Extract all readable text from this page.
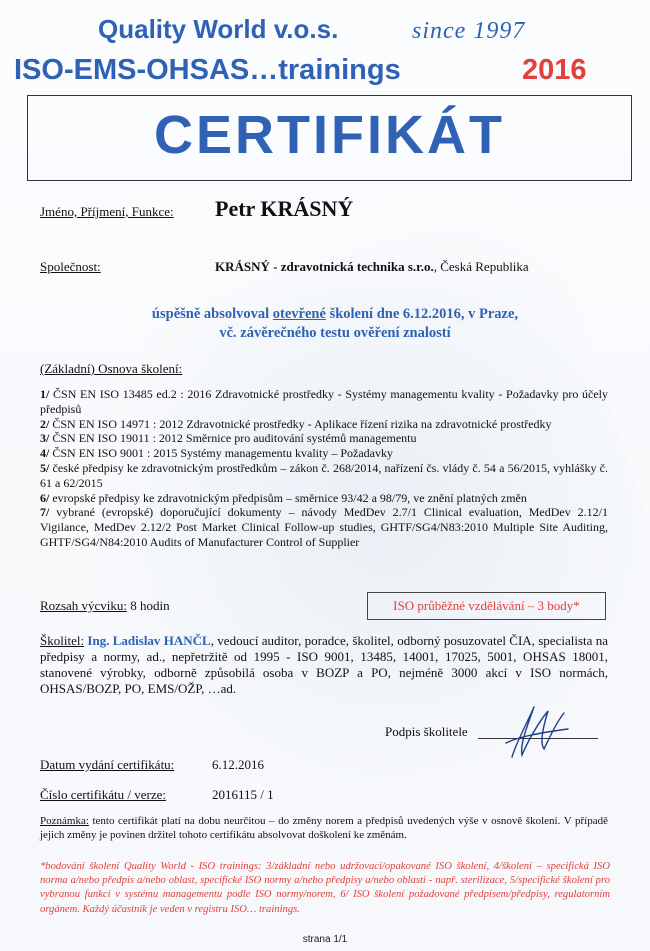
Quality World v.o.s.	since 1997
ISO-EMS-OHSAS…trainings	2016
CERTIFIKÁT
Jméno, Příjmení, Funkce: Petr KRÁSNÝ
Společnost:	KRÁSNÝ - zdravotnická technika s.r.o., Česká Republika
úspěšně absolvoval otevřené školení dne 6.12.2016, v Praze,
vč. závěrečného testu ověření znalostí
(Základní) Osnova školení:
1/ ČSN EN ISO 13485 ed.2 : 2016 Zdravotnické prostředky - Systémy managementu kvality - Požadavky pro účely předpisů
2/ ČSN EN ISO 14971 : 2012 Zdravotnické prostředky - Aplikace řízení rizika na zdravotnické prostředky
3/ ČSN EN ISO 19011 : 2012 Směrnice pro auditování systémů managementu
4/ ČSN EN ISO 9001 : 2015 Systémy managementu kvality – Požadavky
5/ české předpisy ke zdravotnickým prostředkům – zákon č. 268/2014, nařízení čs. vlády č. 54 a 56/2015, vyhlášky č. 61 a 62/2015
6/ evropské předpisy ke zdravotnickým předpisům – směrnice 93/42 a 98/79, ve znění platných změn
7/ vybrané (evropské) doporučující dokumenty – návody MedDev 2.7/1 Clinical evaluation, MedDev 2.12/1 Vigilance, MedDev 2.12/2 Post Market Clinical Follow-up studies, GHTF/SG4/N83:2010 Multiple Site Auditing, GHTF/SG4/N84:2010 Audits of Manufacturer Control of Supplier
Rozsah výcviku: 8 hodin	ISO průběžné vzdělávání – 3 body*
Školitel: Ing. Ladislav HANČL, vedoucí auditor, poradce, školitel, odborný posuzovatel ČIA, specialista na předpisy a normy, ad., nepřetržitě od 1995 - ISO 9001, 13485, 14001, 17025, 5001, OHSAS 18001, stanovené výrobky, odborně způsobilá osoba v BOZP a PO, nejméně 3000 akcí v ISO normách, OHSAS/BOZP, PO, EMS/OŽP, …ad.
Podpis školitele
Datum vydání certifikátu:	6.12.2016
Číslo certifikátu / verze:	2016115 / 1
Poznámka: tento certifikát platí na dobu neurčitou – do změny norem a předpisů uvedených výše v osnově školení. V případě jejich změny je povinen držitel tohoto certifikátu absolvovat doškolení ke změnám.
*bodování školení Quality World - ISO trainings: 3/základní nebo udržovací/opakované ISO školení, 4/školení – specifická ISO norma a/nebo předpis a/nebo oblast, specifické ISO normy a/nebo předpisy a/nebo oblasti - např. sterilizace, 5/specifické školení pro vybranou funkci v systému managementu podle ISO normy/norem, 6/ ISO školení požadované předpisem/předpisy, regulatorním orgánem. Každý účastník je veden v registru ISO… trainings.
strana 1/1
